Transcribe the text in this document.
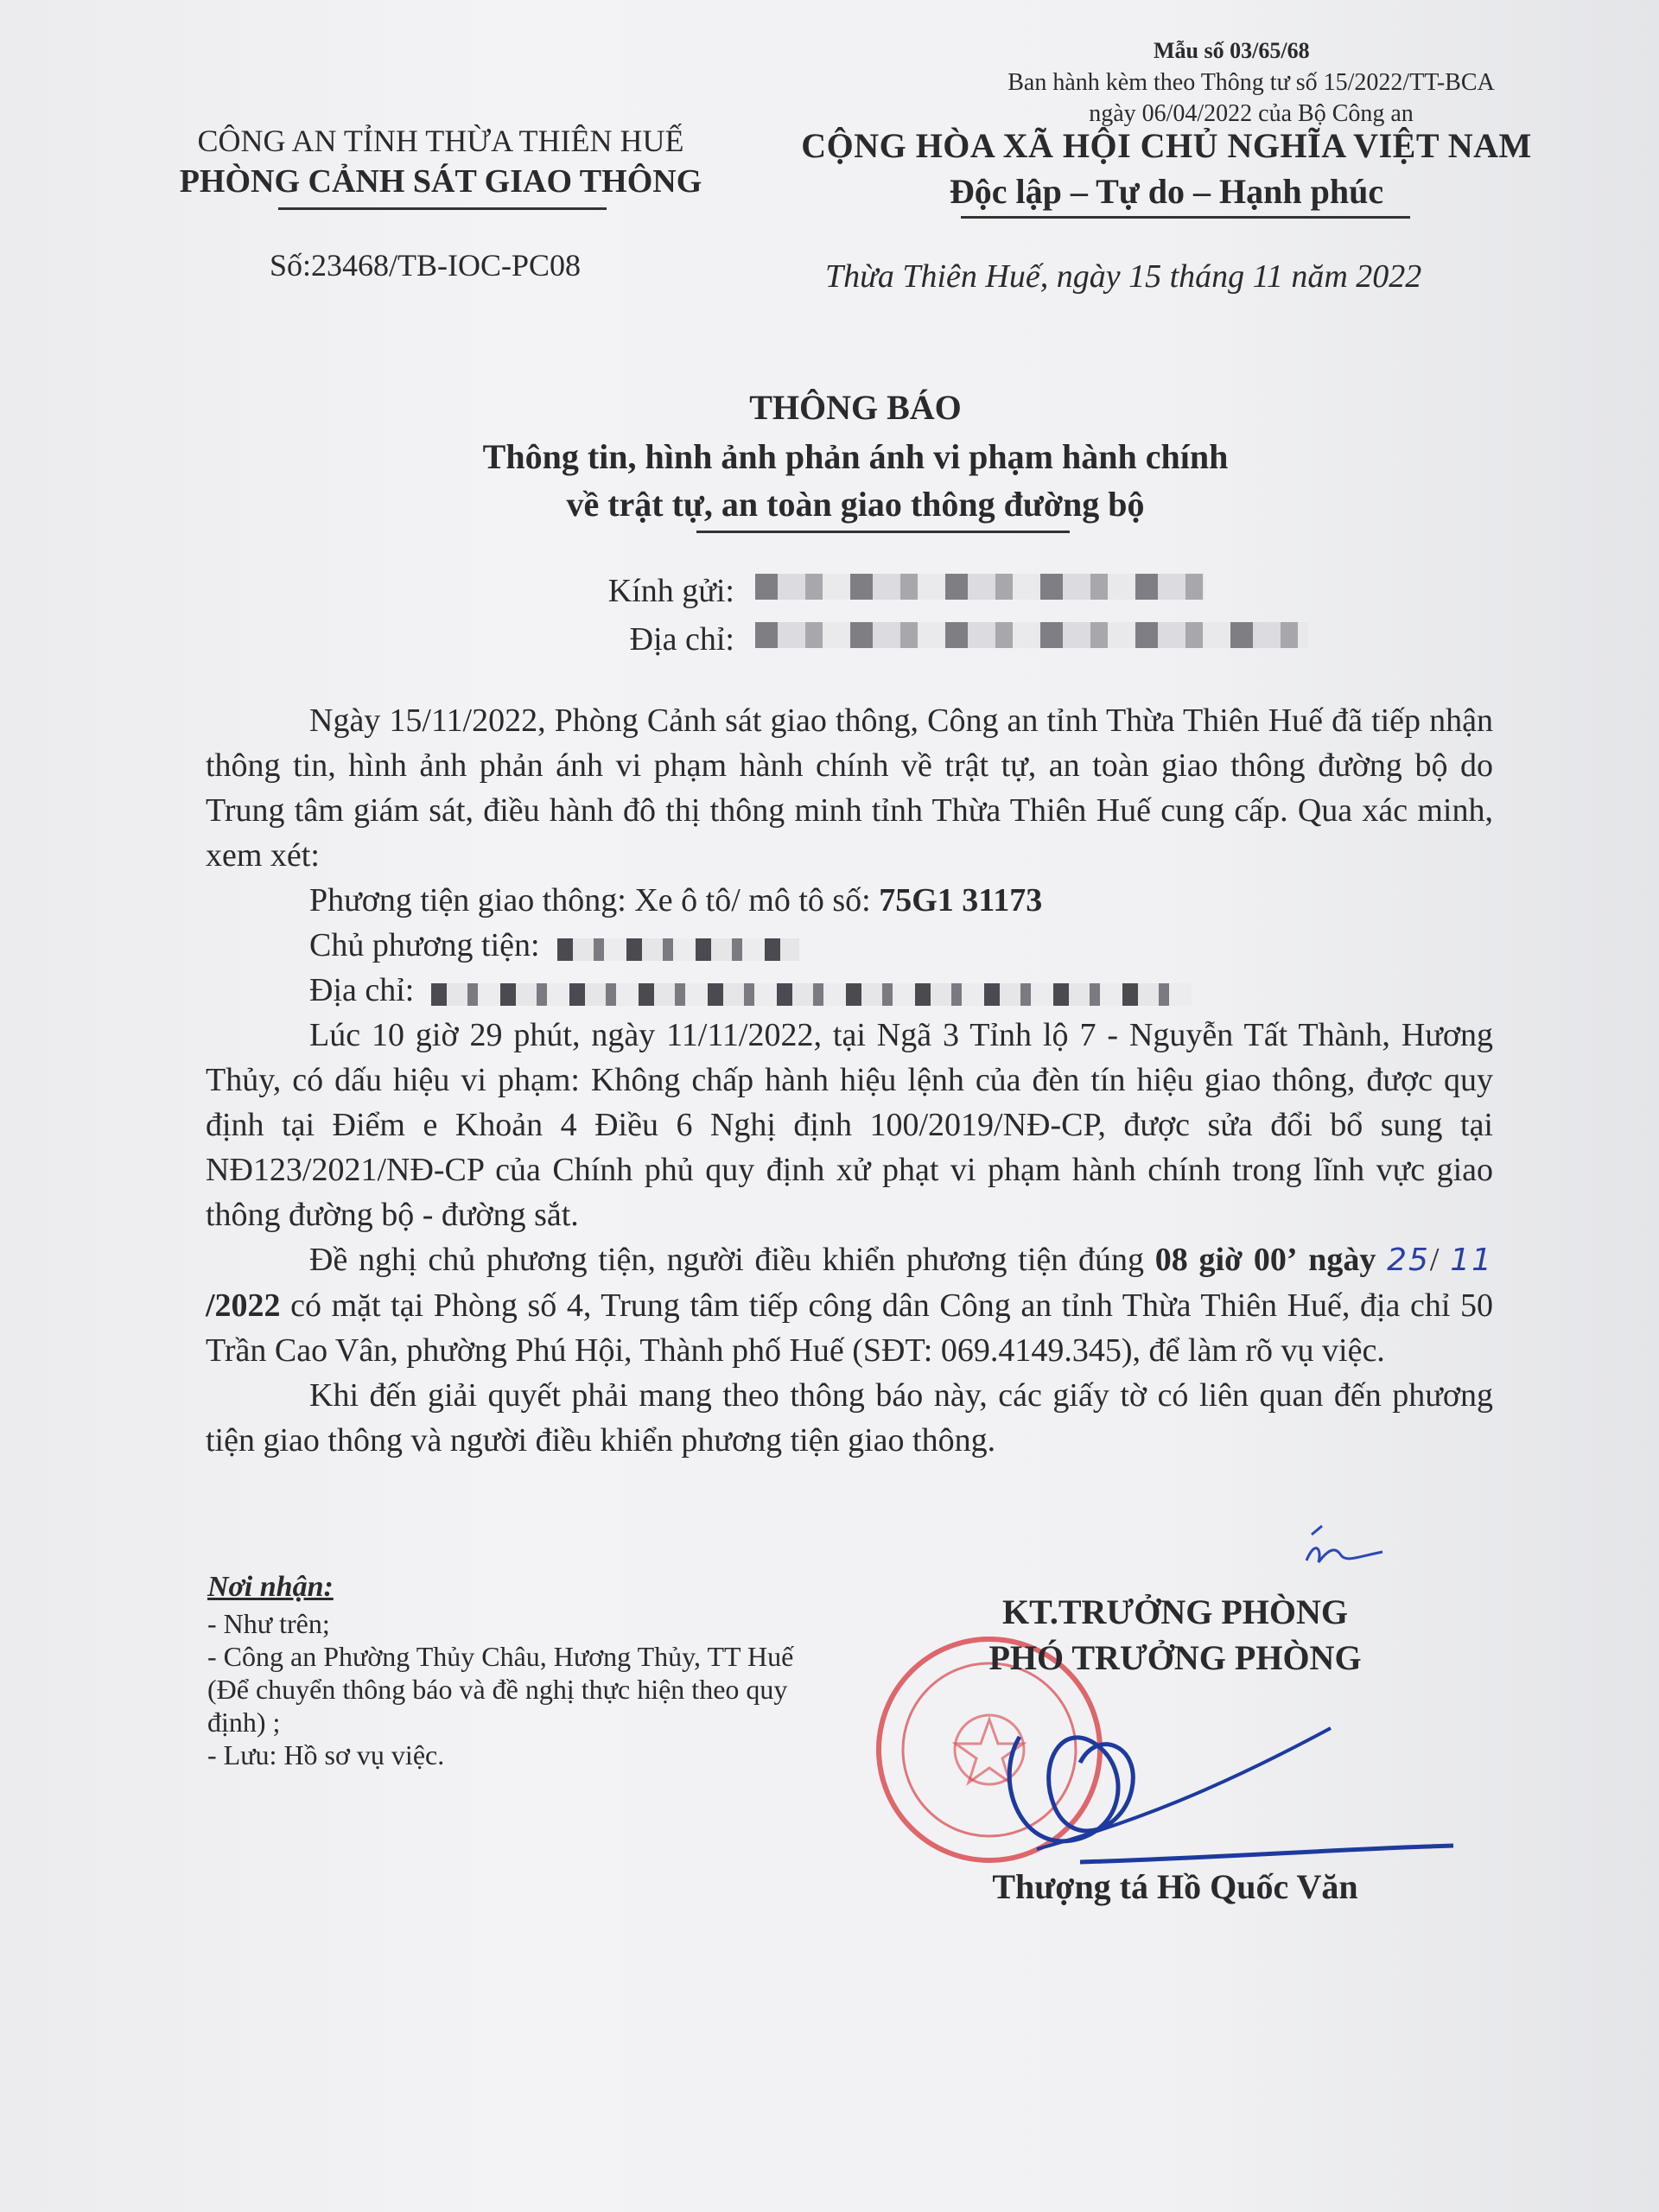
Mẫu số 03/65/68
Ban hành kèm theo Thông tư số 15/2022/TT-BCA
ngày 06/04/2022 của Bộ Công an
CÔNG AN TỈNH THỪA THIÊN HUẾ
PHÒNG CẢNH SÁT GIAO THÔNG
CỘNG HÒA XÃ HỘI CHỦ NGHĨA VIỆT NAM
Độc lập – Tự do – Hạnh phúc
Số:23468/TB-IOC-PC08	Thừa Thiên Huế, ngày 15 tháng 11 năm 2022
THÔNG BÁO
Thông tin, hình ảnh phản ánh vi phạm hành chính
về trật tự, an toàn giao thông đường bộ
Kính gửi:
Địa chỉ:

Ngày 15/11/2022, Phòng Cảnh sát giao thông, Công an tỉnh Thừa Thiên Huế đã tiếp nhận thông tin, hình ảnh phản ánh vi phạm hành chính về trật tự, an toàn giao thông đường bộ do Trung tâm giám sát, điều hành đô thị thông minh tỉnh Thừa Thiên Huế cung cấp. Qua xác minh, xem xét:

Phương tiện giao thông: Xe ô tô/ mô tô số: 75G1 31173

Chủ phương tiện:

Địa chỉ:

Lúc 10 giờ 29 phút, ngày 11/11/2022, tại Ngã 3 Tỉnh lộ 7 - Nguyễn Tất Thành, Hương Thủy, có dấu hiệu vi phạm: Không chấp hành hiệu lệnh của đèn tín hiệu giao thông, được quy định tại Điểm e Khoản 4 Điều 6 Nghị định 100/2019/NĐ-CP, được sửa đổi bổ sung tại NĐ123/2021/NĐ-CP của Chính phủ quy định xử phạt vi phạm hành chính trong lĩnh vực giao thông đường bộ - đường sắt.

Đề nghị chủ phương tiện, người điều khiển phương tiện đúng 08 giờ 00’ ngày 25/ 11 /2022 có mặt tại Phòng số 4, Trung tâm tiếp công dân Công an tỉnh Thừa Thiên Huế, địa chỉ 50 Trần Cao Vân, phường Phú Hội, Thành phố Huế (SĐT: 069.4149.345), để làm rõ vụ việc.

Khi đến giải quyết phải mang theo thông báo này, các giấy tờ có liên quan đến phương tiện giao thông và người điều khiển phương tiện giao thông.

Nơi nhận:
- Như trên;
- Công an Phường Thủy Châu, Hương Thủy, TT Huế (Để chuyển thông báo và đề nghị thực hiện theo quy định) ;
- Lưu: Hồ sơ vụ việc.
KT.TRƯỞNG PHÒNG
PHÓ TRƯỞNG PHÒNG
Thượng tá Hồ Quốc Văn
